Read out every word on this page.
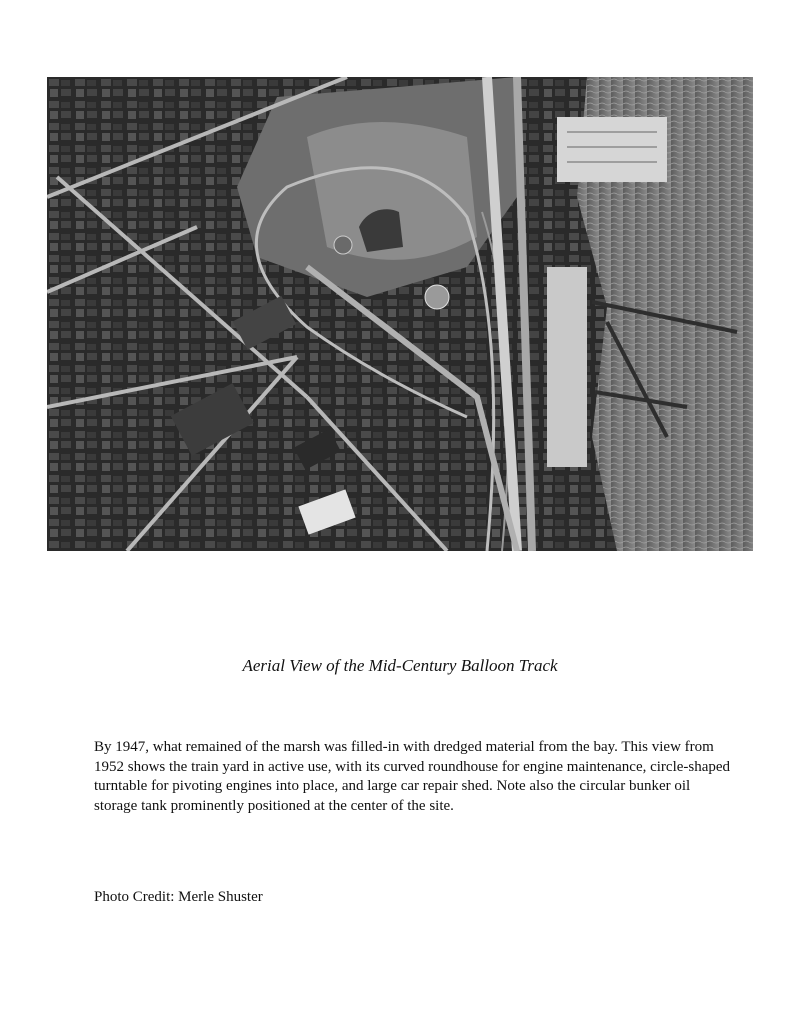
Aerial View of the Mid-Century Balloon Track
By 1947, what remained of the marsh was filled-in with dredged material from the bay. This view from 1952 shows the train yard in active use, with its curved roundhouse for engine maintenance, circle-shaped turntable for pivoting engines into place, and large car repair shed. Note also the circular bunker oil storage tank prominently positioned at the center of the site.
Photo Credit: Merle Shuster
